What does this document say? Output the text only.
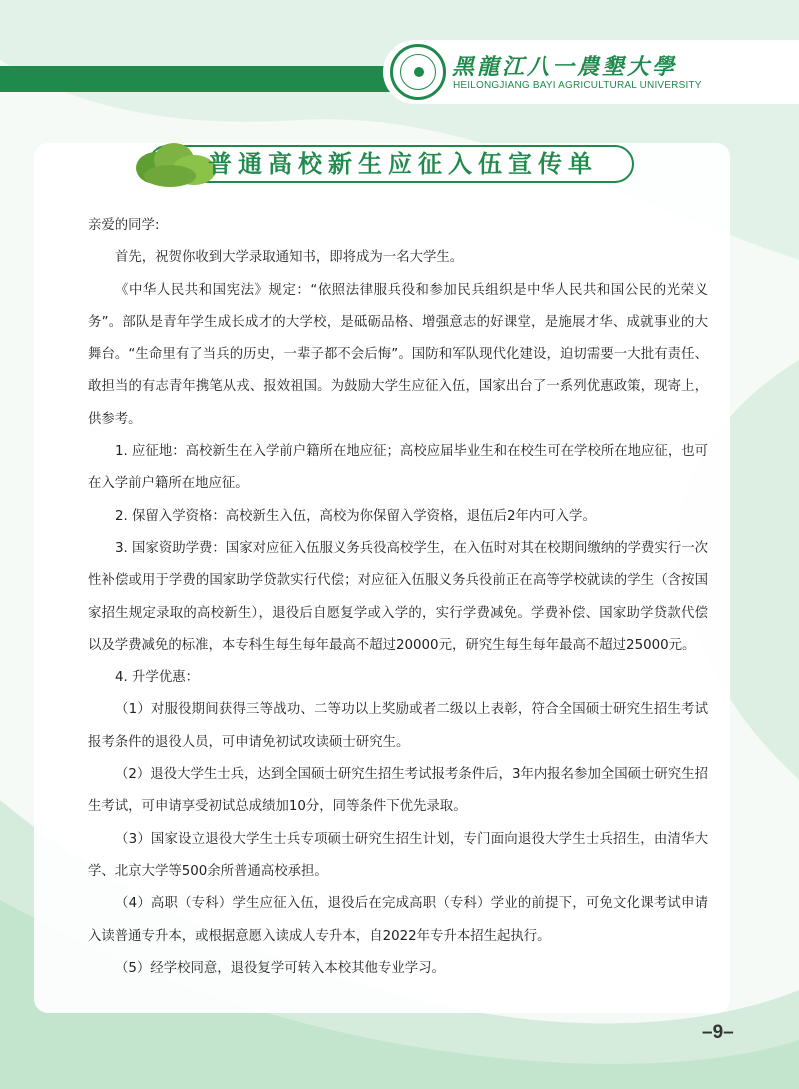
黑龍江八一農墾大學
HEILONGJIANG BAYI AGRICULTURAL UNIVERSITY
普通高校新生应征入伍宣传单

亲爱的同学:

首先，祝贺你收到大学录取通知书，即将成为一名大学生。

《中华人民共和国宪法》规定：“依照法律服兵役和参加民兵组织是中华人民共和国公民的光荣义务”。部队是青年学生成长成才的大学校，是砥砺品格、增强意志的好课堂，是施展才华、成就事业的大舞台。“生命里有了当兵的历史，一辈子都不会后悔”。国防和军队现代化建设，迫切需要一大批有责任、敢担当的有志青年携笔从戎、报效祖国。为鼓励大学生应征入伍，国家出台了一系列优惠政策，现寄上，供参考。

1. 应征地：高校新生在入学前户籍所在地应征；高校应届毕业生和在校生可在学校所在地应征，也可在入学前户籍所在地应征。

2. 保留入学资格：高校新生入伍，高校为你保留入学资格，退伍后2年内可入学。

3. 国家资助学费：国家对应征入伍服义务兵役高校学生，在入伍时对其在校期间缴纳的学费实行一次性补偿或用于学费的国家助学贷款实行代偿；对应征入伍服义务兵役前正在高等学校就读的学生（含按国家招生规定录取的高校新生），退役后自愿复学或入学的，实行学费减免。学费补偿、国家助学贷款代偿以及学费减免的标准，本专科生每生每年最高不超过20000元，研究生每生每年最高不超过25000元。

4. 升学优惠：

（1）对服役期间获得三等战功、二等功以上奖励或者二级以上表彰，符合全国硕士研究生招生考试报考条件的退役人员，可申请免初试攻读硕士研究生。

（2）退役大学生士兵，达到全国硕士研究生招生考试报考条件后，3年内报名参加全国硕士研究生招生考试，可申请享受初试总成绩加10分，同等条件下优先录取。

（3）国家设立退役大学生士兵专项硕士研究生招生计划，专门面向退役大学生士兵招生，由清华大学、北京大学等500余所普通高校承担。

（4）高职（专科）学生应征入伍，退役后在完成高职（专科）学业的前提下，可免文化课考试申请入读普通专升本，或根据意愿入读成人专升本，自2022年专升本招生起执行。

（5）经学校同意，退役复学可转入本校其他专业学习。

–9–
